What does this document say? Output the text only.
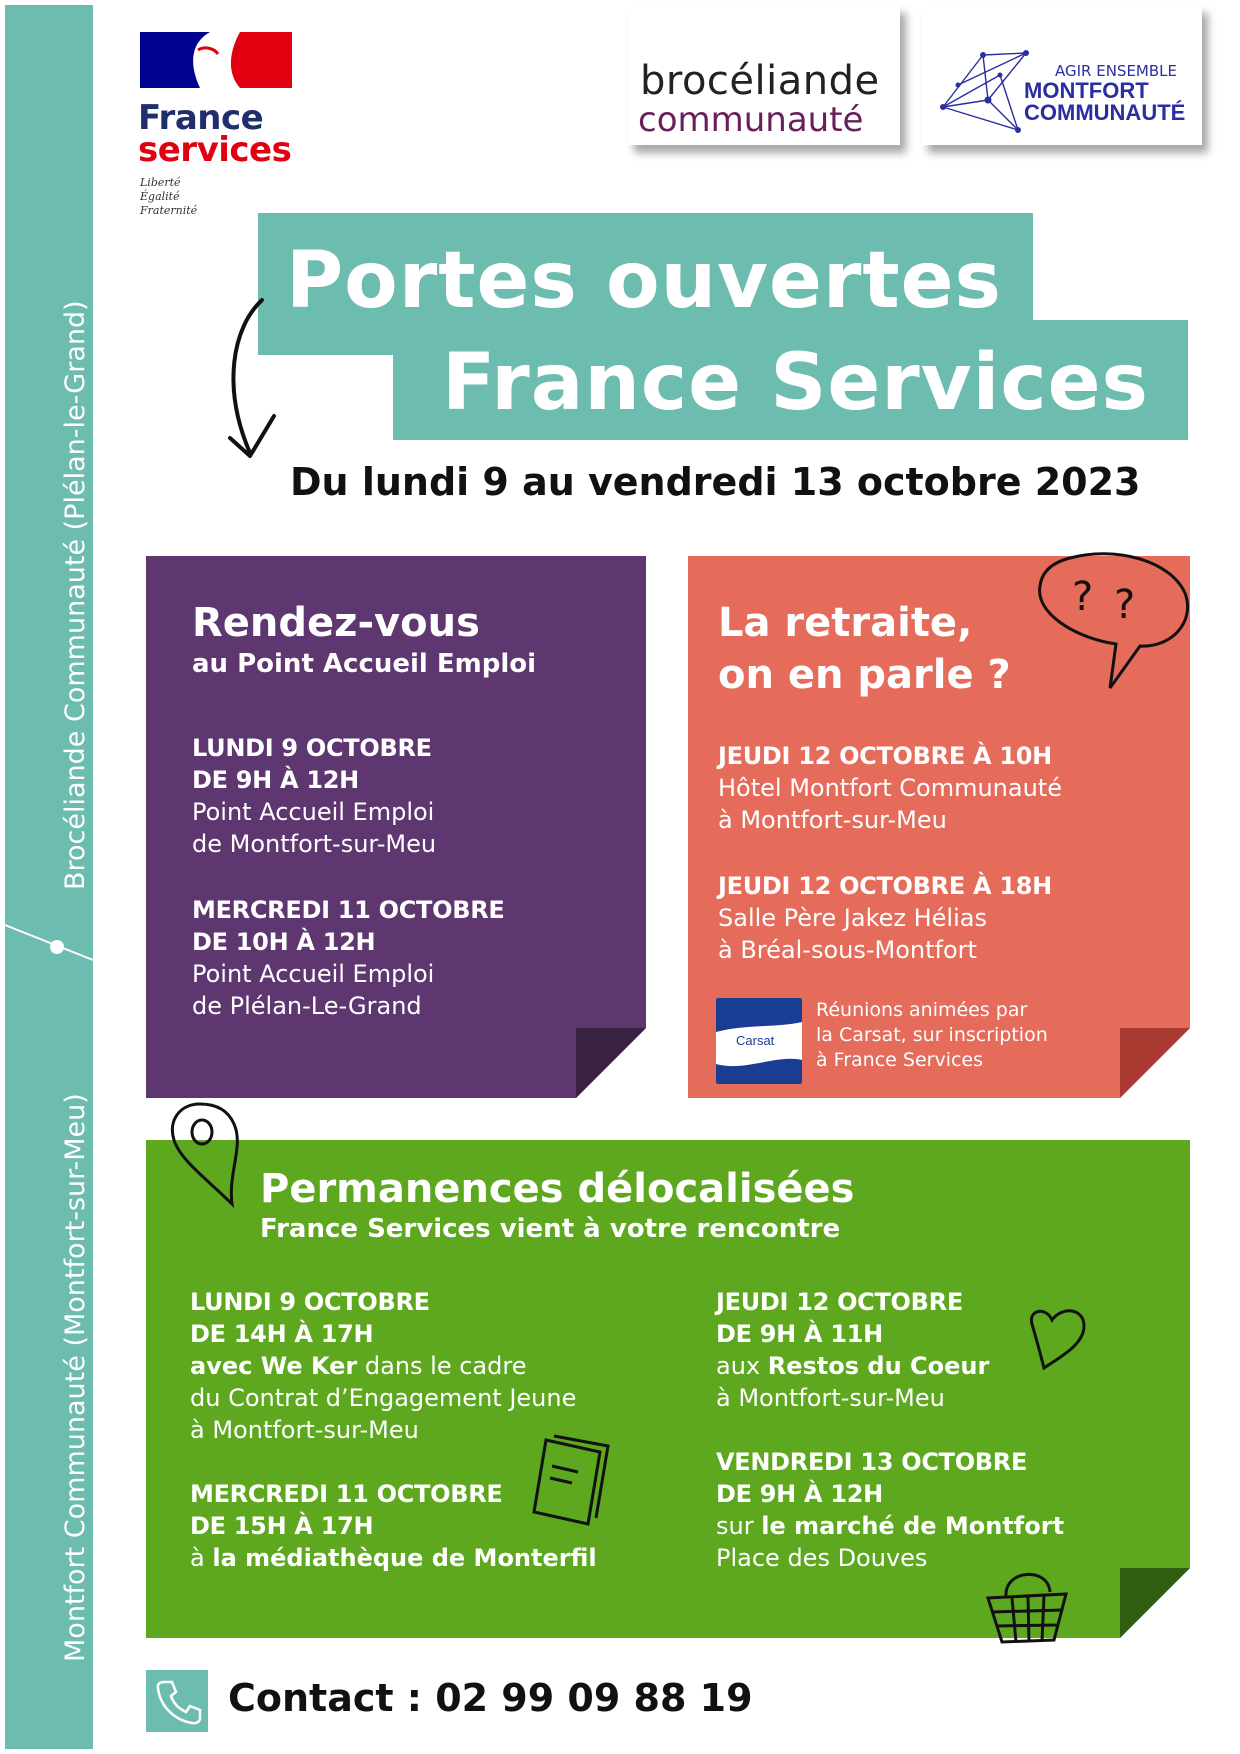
Brocéliande Communauté (Plélan-le-Grand)
Montfort Communauté (Montfort-sur-Meu)
France
services
Liberté
Égalité
Fraternité
brocéliande
communauté
AGIR ENSEMBLE
MONTFORT
COMMUNAUTÉ
Portes ouvertes
France Services
Du lundi 9 au vendredi 13 octobre 2023
Rendez-vous
au Point Accueil Emploi
LUNDI 9 OCTOBRE
DE 9H À 12H
Point Accueil Emploi
de Montfort-sur-Meu
MERCREDI 11 OCTOBRE
DE 10H À 12H
Point Accueil Emploi
de Plélan-Le-Grand
La retraite,
on en parle ?
JEUDI 12 OCTOBRE À 10H
Hôtel Montfort Communauté
à Montfort-sur-Meu
JEUDI 12 OCTOBRE À 18H
Salle Père Jakez Hélias
à Bréal-sous-Montfort
? ?
Carsat
Réunions animées par
la Carsat, sur inscription
à France Services
Permanences délocalisées
France Services vient à votre rencontre
LUNDI 9 OCTOBRE
DE 14H À 17H
avec We Ker dans le cadre
du Contrat d’Engagement Jeune
à Montfort-sur-Meu
MERCREDI 11 OCTOBRE
DE 15H À 17H
à la médiathèque de Monterfil
JEUDI 12 OCTOBRE
DE 9H À 11H
aux Restos du Coeur
à Montfort-sur-Meu
VENDREDI 13 OCTOBRE
DE 9H À 12H
sur le marché de Montfort
Place des Douves
Contact : 02 99 09 88 19
